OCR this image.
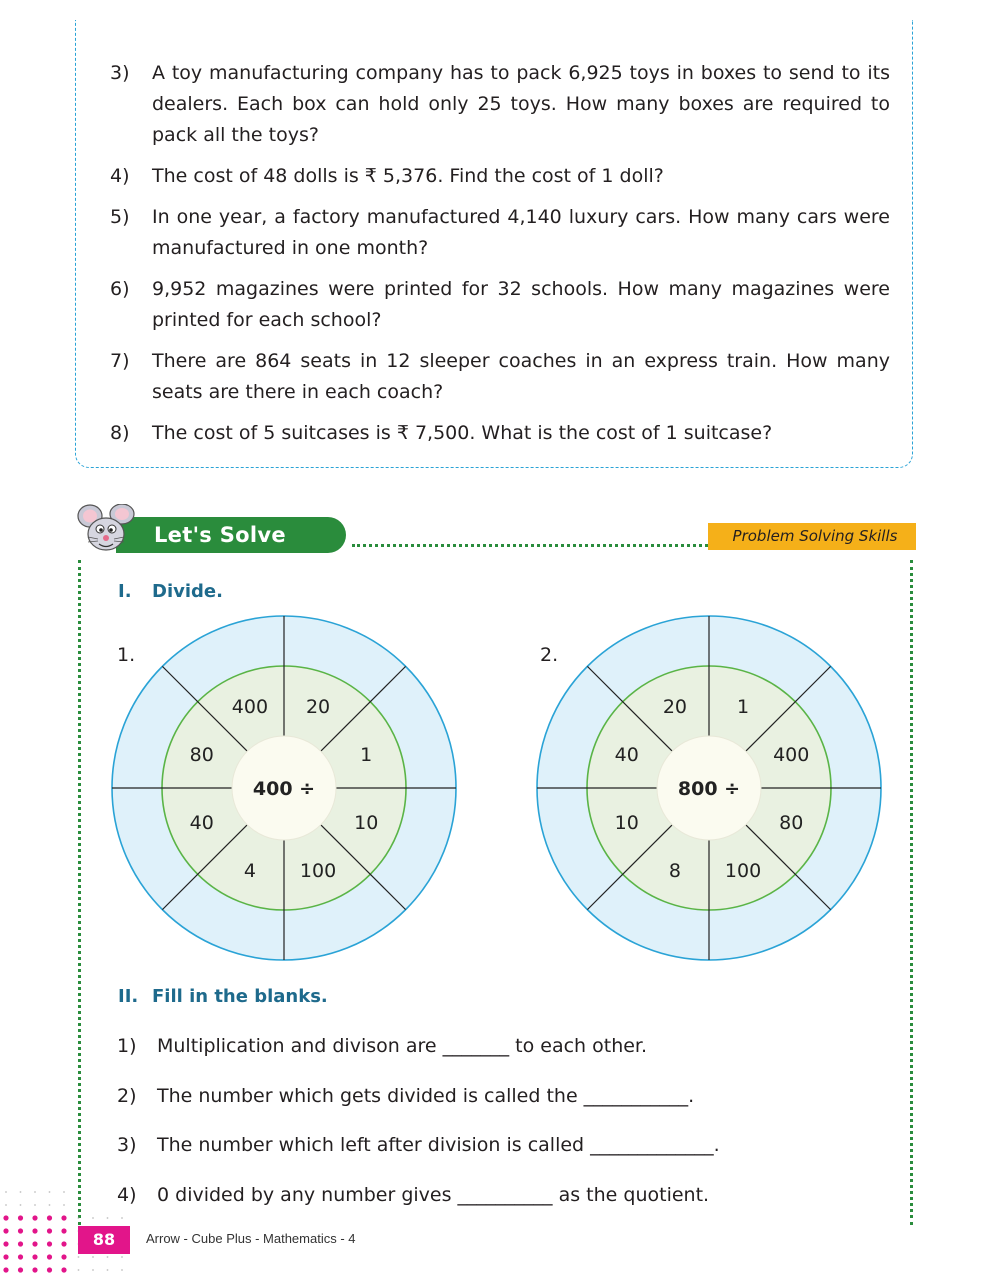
3)	A toy manufacturing company has to pack 6,925 toys in boxes to send to its dealers. Each box can hold only 25 toys. How many boxes are required to pack all the toys?
4)	The cost of 48 dolls is ₹ 5,376. Find the cost of 1 doll?
5)	In one year, a factory manufactured 4,140 luxury cars. How many cars were manufactured in one month?
6)	9,952 magazines were printed for 32 schools. How many magazines were printed for each school?
7)	There are 864 seats in 12 sleeper coaches in an express train. How many seats are there in each coach?
8)	The cost of 5 suitcases is ₹ 7,500. What is the cost of 1 suitcase?
Let's Solve	Problem Solving Skills
I. Divide.
1.
400 ÷
20
1
10
100
4
40
80
400
2.
800 ÷
1
400
80
100
8
10
40
20
II. Fill in the blanks.
1)	Multiplication and divison are _______ to each other.
2)	The number which gets divided is called the ___________.
3)	The number which left after division is called _____________.
4)	0 divided by any number gives __________ as the quotient.
88	Arrow - Cube Plus - Mathematics - 4
